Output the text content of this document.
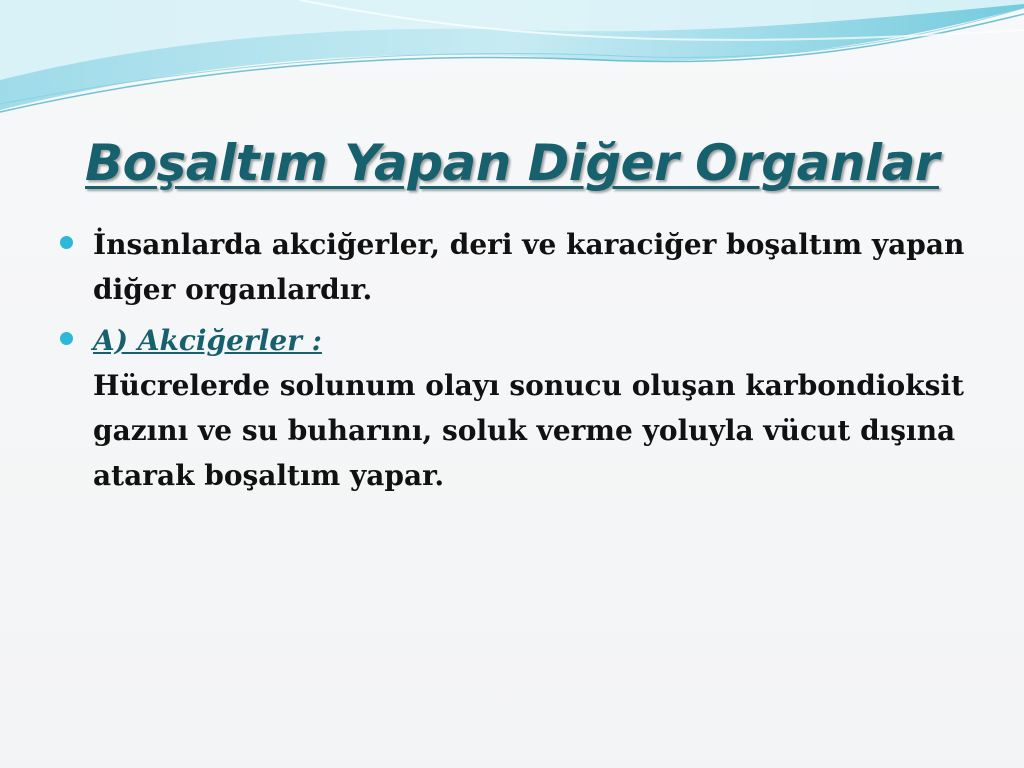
Boşaltım Yapan Diğer Organlar
İnsanlarda akciğerler, deri ve karaciğer boşaltım yapan diğer organlardır.
A) Akciğerler :
Hücrelerde solunum olayı sonucu oluşan karbondioksit gazını ve su buharını, soluk verme yoluyla vücut dışına atarak boşaltım yapar.
